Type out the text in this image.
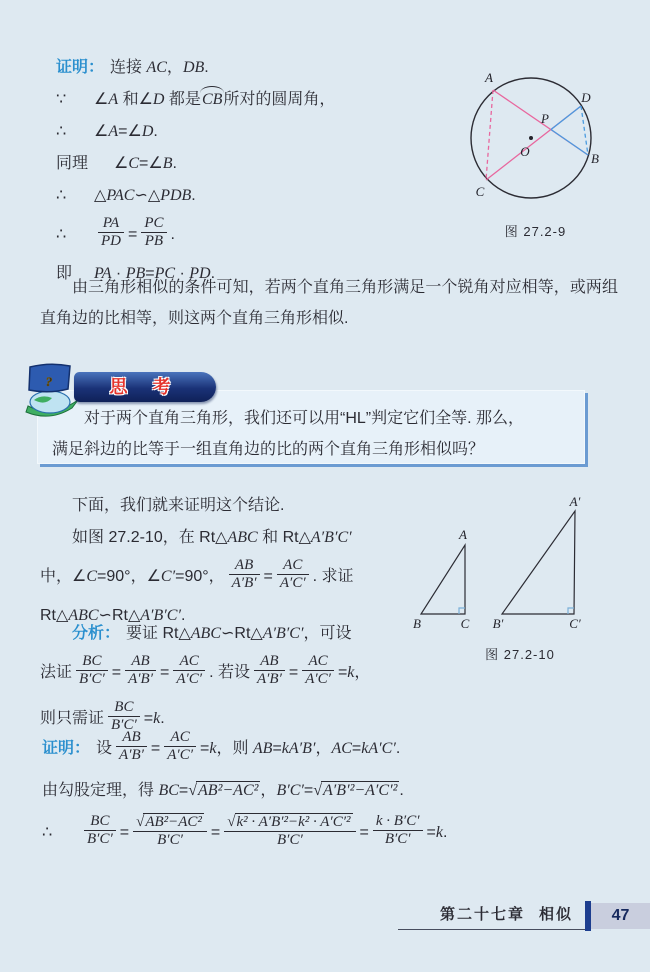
证明： 连接 AC，DB.
∵ ∠A 和∠D 都是CB所对的圆周角，
∴ ∠A=∠D.
同理 ∠C=∠B.
∴ △PAC∽△PDB.
∴ $\frac{PA}{PD} = \frac{PC}{PB}$ .
即 PA · PB=PC · PD.
A
D
P
O	B
C
图 27.2-9

由三角形相似的条件可知，若两个直角三角形满足一个锐角对应相等，或两组直角边的比相等，则这两个直角三角形相似.

对于两个直角三角形，我们还可以用“HL”判定它们全等. 那么，
满足斜边的比等于一组直角边的比的两个直角三角形相似吗？
?	思 考
下面，我们就来证明这个结论.
如图 27.2-10，在 Rt△ABC 和 Rt△A′B′C′
中，∠C=90°，∠C′=90°， $\frac{AB}{A'B'} = \frac{AC}{A'C'}$ . 求证
Rt△ABC∽Rt△A′B′C′.
分析： 要证 Rt△ABC∽Rt△A′B′C′，可设
法证 $\frac{BC}{B'C'} = \frac{AB}{A'B'} = \frac{AC}{A'C'}$ . 若设 $\frac{AB}{A'B'} = \frac{AC}{A'C'} =k$，
则只需证 $\frac{BC}{B'C'} =k$.
A
B	C
A′
B′	C′
图 27.2-10
证明： 设 $\frac{AB}{A'B'} = \frac{AC}{A'C'} =k$，则 AB=kA′B′，AC=kA′C′.
由勾股定理，得 BC=√AB²−AC² ，B′C′=√A′B′²−A′C′² .
∴ $\frac{BC}{B'C'} = \frac{\text{√AB²−AC²}}{B'C'} = \frac{\text{√k² · A′B′²−k² · A′C′²}}{B'C'} = \frac{k \cdot B'C'}{B'C'} =k$.
第二十七章 相似	47
